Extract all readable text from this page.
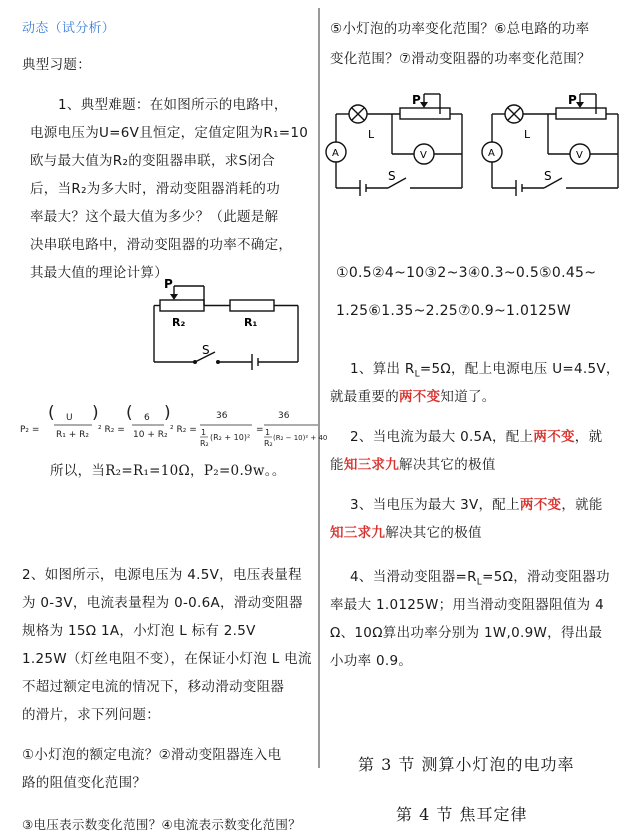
动态（试分析）
典型习题：
1、典型难题：在如图所示的电路中，
电源电压为U=6V且恒定，定值定阻为R₁=10
欧与最大值为R₂的变阻器串联，求S闭合
后，当R₂为多大时，滑动变阻器消耗的功
率最大？这个最大值为多少？（此题是解
决串联电路中，滑动变阻器的功率不确定，
其最大值的理论计算）
P
R₂	R₁
S
P₂ =
( U
R₁ + R₂
)
² R₂ =
( 6
10 + R₂
)
² R₂ =
36
1
R₂
(R₂ + 10)²
=
36
1
R₂
(R₂ − 10)² + 40
所以，当R₂=R₁=10Ω，P₂=0.9w。。
2、如图所示，电源电压为 4.5V，电压表量程
为 0-3V，电流表量程为 0-0.6A，滑动变阻器
规格为 15Ω 1A，小灯泡 L 标有 2.5V
1.25W（灯丝电阻不变），在保证小灯泡 L 电流
不超过额定电流的情况下，移动滑动变阻器
的滑片，求下列问题：
①小灯泡的额定电流？②滑动变阻器连入电
路的阻值变化范围？
③电压表示数变化范围？④电流表示数变化范围？
⑤小灯泡的功率变化范围？⑥总电路的功率
变化范围？⑦滑动变阻器的功率变化范围？
P
L
A	V
S
P
L
A	V
S
①0.5②4~10③2~3④0.3~0.5⑤0.45~
1.25⑥1.35~2.25⑦0.9~1.0125W
1、算出 $R_L=5\Omega$，配上电源电压 U=4.5V，
就最重要的两不变知道了。
2、当电流为最大 0.5A，配上两不变，就
能知三求九解决其它的极值
3、当电压为最大 3V，配上两不变，就能
知三求九解决其它的极值
4、当滑动变阻器$=R_L=5\Omega$，滑动变阻器功
率最大 1.0125W；用当滑动变阻器阻值为 4
Ω、10Ω算出功率分别为 1W,0.9W，得出最
小功率 0.9。
第 3 节 测算小灯泡的电功率
第 4 节 焦耳定律
